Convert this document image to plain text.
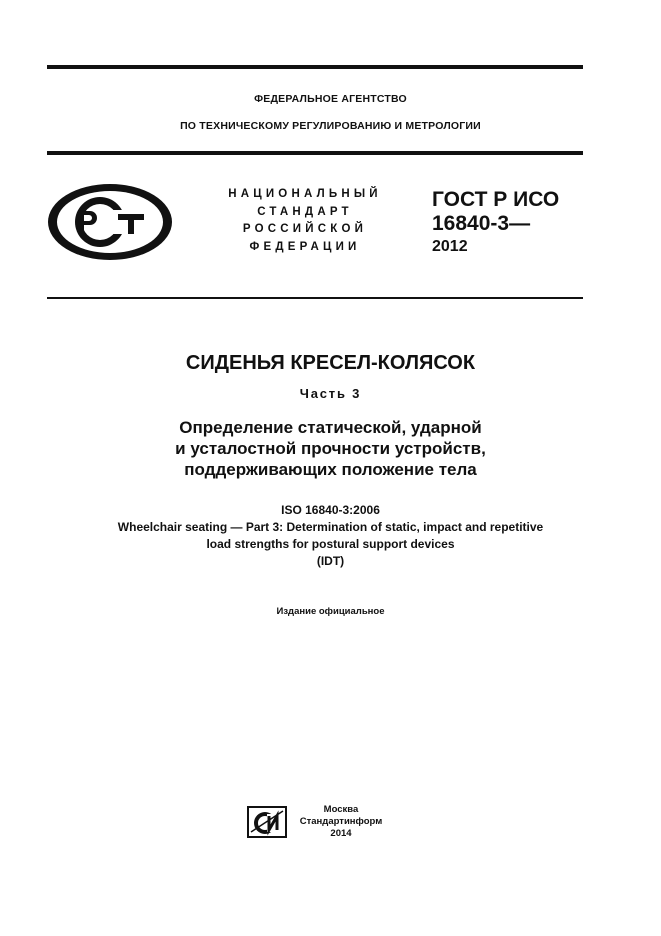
ФЕДЕРАЛЬНОЕ АГЕНТСТВО
ПО ТЕХНИЧЕСКОМУ РЕГУЛИРОВАНИЮ И МЕТРОЛОГИИ
НАЦИОНАЛЬНЫЙ
СТАНДАРТ
РОССИЙСКОЙ
ФЕДЕРАЦИИ
ГОСТ Р ИСО
16840-3—
2012
СИДЕНЬЯ КРЕСЕЛ-КОЛЯСОК
Часть 3
Определение статической, ударной
и усталостной прочности устройств,
поддерживающих положение тела
ISO 16840-3:2006
Wheelchair seating — Part 3: Determination of static, impact and repetitive
load strengths for postural support devices
(IDT)
Издание официальное
Москва
Стандартинформ
2014
